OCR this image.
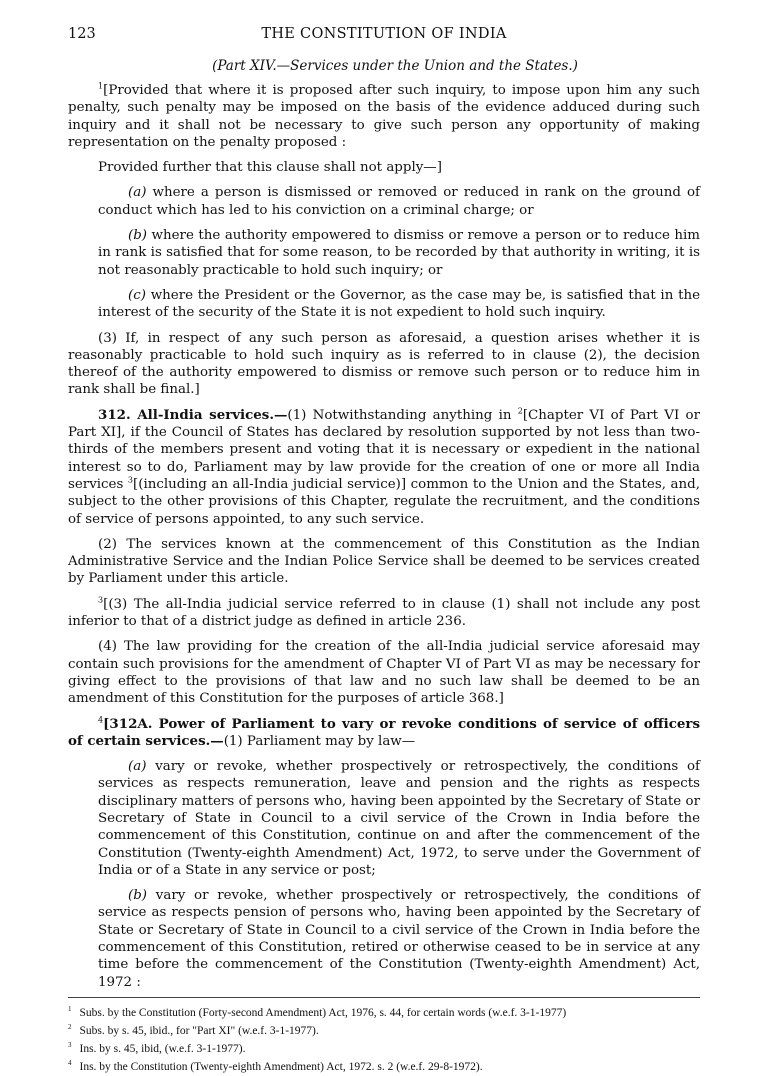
123	THE CONSTITUTION OF INDIA
(Part XIV.—Services under the Union and the States.)

$^1$[Provided that where it is proposed after such inquiry, to impose upon him any such penalty, such penalty may be imposed on the basis of the evidence adduced during such inquiry and it shall not be necessary to give such person any opportunity of making representation on the penalty proposed :

Provided further that this clause shall not apply—]

(a) where a person is dismissed or removed or reduced in rank on the ground of conduct which has led to his conviction on a criminal charge; or

(b) where the authority empowered to dismiss or remove a person or to reduce him in rank is satisfied that for some reason, to be recorded by that authority in writing, it is not reasonably practicable to hold such inquiry; or

(c) where the President or the Governor, as the case may be, is satisfied that in the interest of the security of the State it is not expedient to hold such inquiry.

(3) If, in respect of any such person as aforesaid, a question arises whether it is reasonably practicable to hold such inquiry as is referred to in clause (2), the decision thereof of the authority empowered to dismiss or remove such person or to reduce him in rank shall be final.]

312. All-India services.—(1) Notwithstanding anything in $^2$[Chapter VI of Part VI or Part XI], if the Council of States has declared by resolution supported by not less than two-thirds of the members present and voting that it is necessary or expedient in the national interest so to do, Parliament may by law provide for the creation of one or more all India services $^3$[(including an all-India judicial service)] common to the Union and the States, and, subject to the other provisions of this Chapter, regulate the recruitment, and the conditions of service of persons appointed, to any such service.

(2) The services known at the commencement of this Constitution as the Indian Administrative Service and the Indian Police Service shall be deemed to be services created by Parliament under this article.

$^3$[(3) The all-India judicial service referred to in clause (1) shall not include any post inferior to that of a district judge as defined in article 236.

(4) The law providing for the creation of the all-India judicial service aforesaid may contain such provisions for the amendment of Chapter VI of Part VI as may be necessary for giving effect to the provisions of that law and no such law shall be deemed to be an amendment of this Constitution for the purposes of article 368.]

$^4$[312A. Power of Parliament to vary or revoke conditions of service of officers of certain services.—(1) Parliament may by law—

(a) vary or revoke, whether prospectively or retrospectively, the conditions of services as respects remuneration, leave and pension and the rights as respects disciplinary matters of persons who, having been appointed by the Secretary of State or Secretary of State in Council to a civil service of the Crown in India before the commencement of this Constitution, continue on and after the commencement of the Constitution (Twenty-eighth Amendment) Act, 1972, to serve under the Government of India or of a State in any service or post;

(b) vary or revoke, whether prospectively or retrospectively, the conditions of service as respects pension of persons who, having been appointed by the Secretary of State or Secretary of State in Council to a civil service of the Crown in India before the commencement of this Constitution, retired or otherwise ceased to be in service at any time before the commencement of the Constitution (Twenty-eighth Amendment) Act, 1972 :

$^1$ Subs. by the Constitution (Forty-second Amendment) Act, 1976, s. 44, for certain words (w.e.f. 3-1-1977)

$^2$ Subs. by s. 45, ibid., for "Part XI" (w.e.f. 3-1-1977).

$^3$ Ins. by s. 45, ibid, (w.e.f. 3-1-1977).

$^4$ Ins. by the Constitution (Twenty-eighth Amendment) Act, 1972. s. 2 (w.e.f. 29-8-1972).
